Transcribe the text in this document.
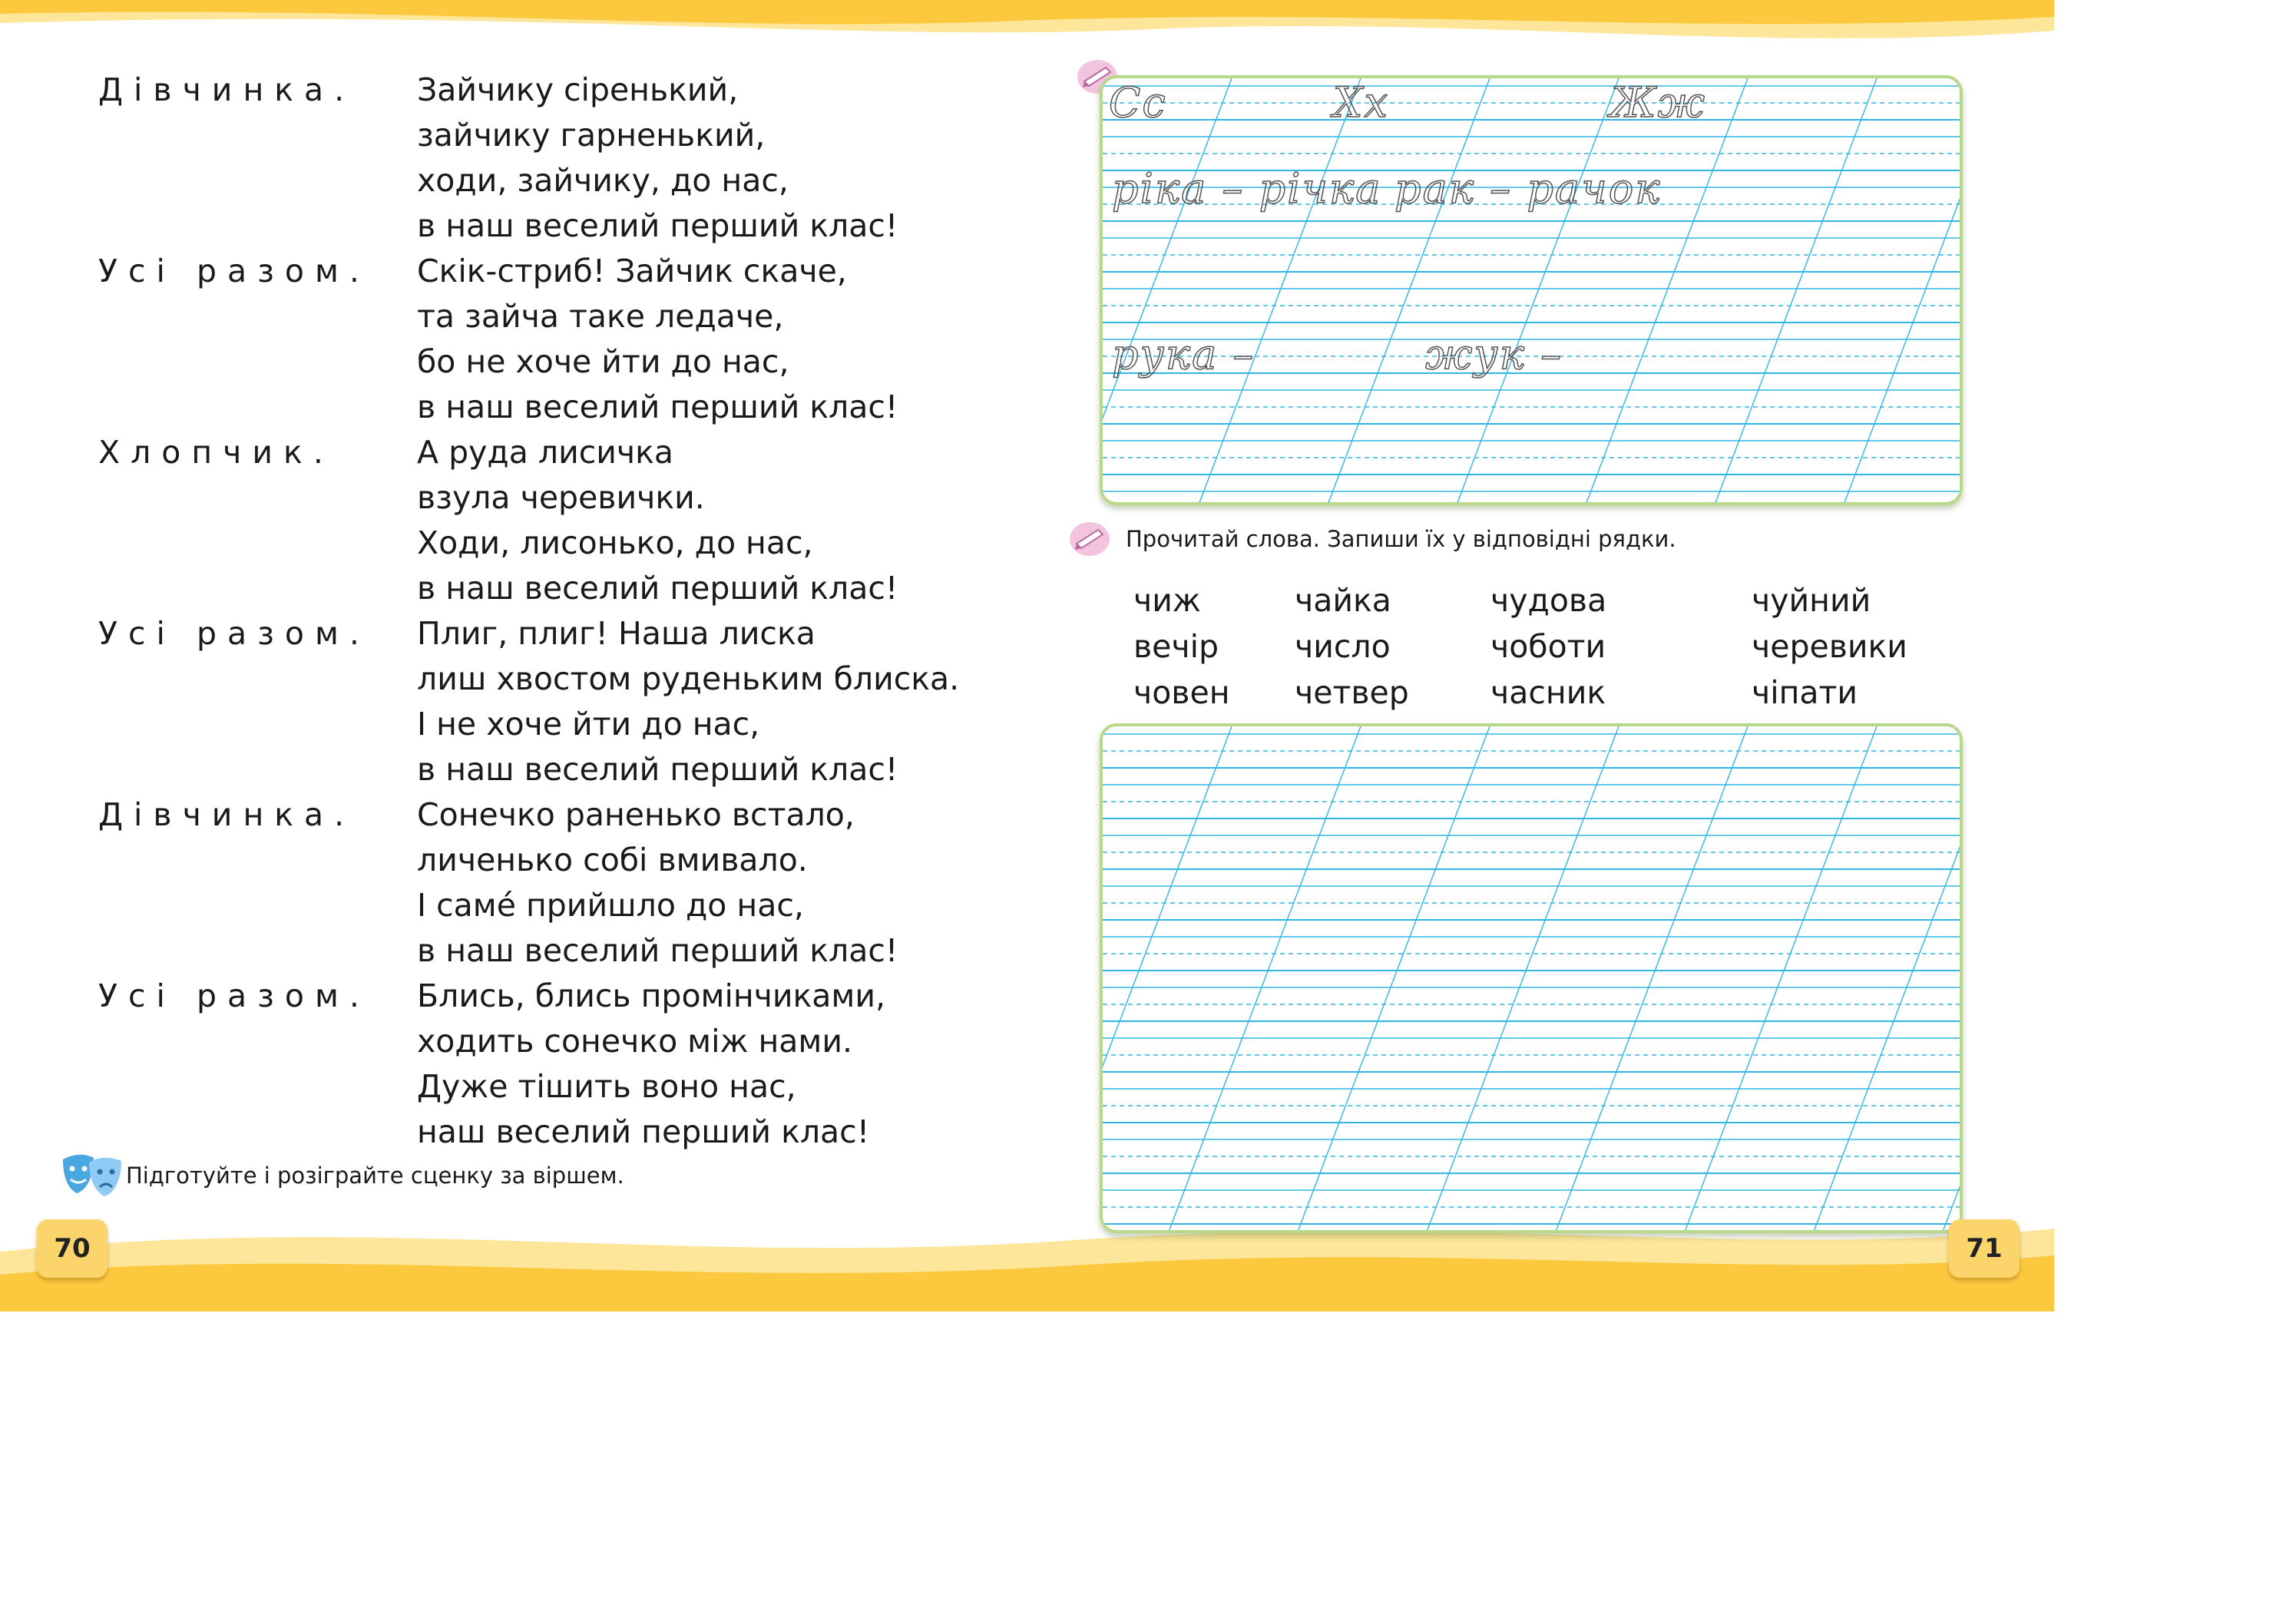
Дівчинка.	Зайчику сіренький,
зайчику гарненький,
ходи, зайчику, до нас,
в наш веселий перший клас!
Усі разом.	Скік-стриб! Зайчик скаче,
та зайча таке ледаче,
бо не хоче йти до нас,
в наш веселий перший клас!
Хлопчик.	А руда лисичка
взула черевички.
Ходи, лисонько, до нас,
в наш веселий перший клас!
Усі разом.	Плиг, плиг! Наша лиска
лиш хвостом руденьким блиска.
І не хоче йти до нас,
в наш веселий перший клас!
Дівчинка.	Сонечко раненько встало,
личенько собі вмивало.
І саме́ прийшло до нас,
в наш веселий перший клас!
Усі разом.	Блись, блись промінчиками,
ходить сонечко між нами.
Дуже тішить воно нас,
наш веселий перший клас!
Підготуйте і розіграйте сценку за віршем.
70
Сс	Хх	Жж
ріка – річка рак – рачок
рука –	жук –
Прочитай слова. Запиши їх у відповідні рядки.
чиж	чайка	чудова	чуйний
вечір	число	чоботи	черевики
човен	четвер	часник	чіпати
71
